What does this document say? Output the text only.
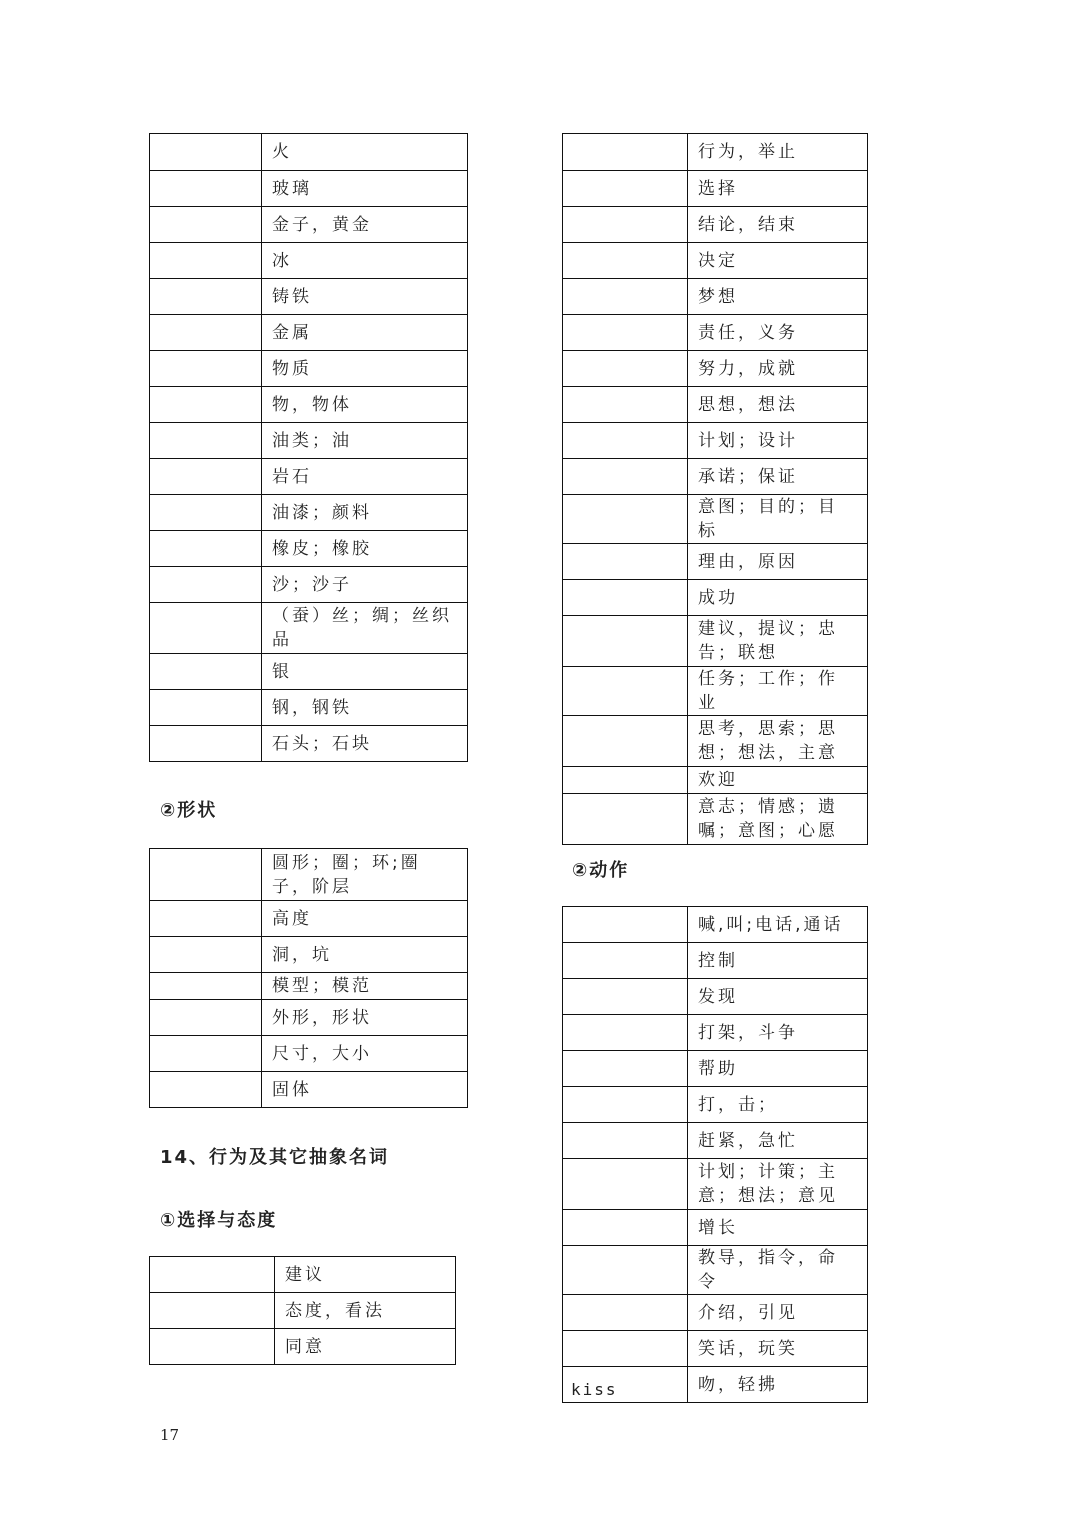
	火
	玻璃
	金子，黄金
	冰
	铸铁
	金属
	物质
	物，物体
	油类；油
	岩石
	油漆；颜料
	橡皮；橡胶
	沙；沙子
	（蚕）丝；绸；丝织品
	银
	钢，钢铁
	石头；石块
②形状
	圆形；圈；环;圈子，阶层
	高度
	洞，坑
	模型；模范
	外形，形状
	尺寸，大小
	固体
14、行为及其它抽象名词
①选择与态度
	建议
	态度，看法
	同意
	行为，举止
	选择
	结论，结束
	决定
	梦想
	责任，义务
	努力，成就
	思想，想法
	计划；设计
	承诺；保证
	意图；目的；目标
	理由，原因
	成功
	建议，提议；忠告；联想
	任务；工作；作业
	思考，思索；思想；想法，主意
	欢迎
	意志；情感；遗嘱；意图；心愿
②动作
	喊,叫;电话,通话
	控制
	发现
	打架，斗争
	帮助
	打，击；
	赶紧，急忙
	计划；计策；主意；想法；意见
	增长
	教导，指令，命令
	介绍，引见
	笑话，玩笑
kiss	吻，轻拂
17
